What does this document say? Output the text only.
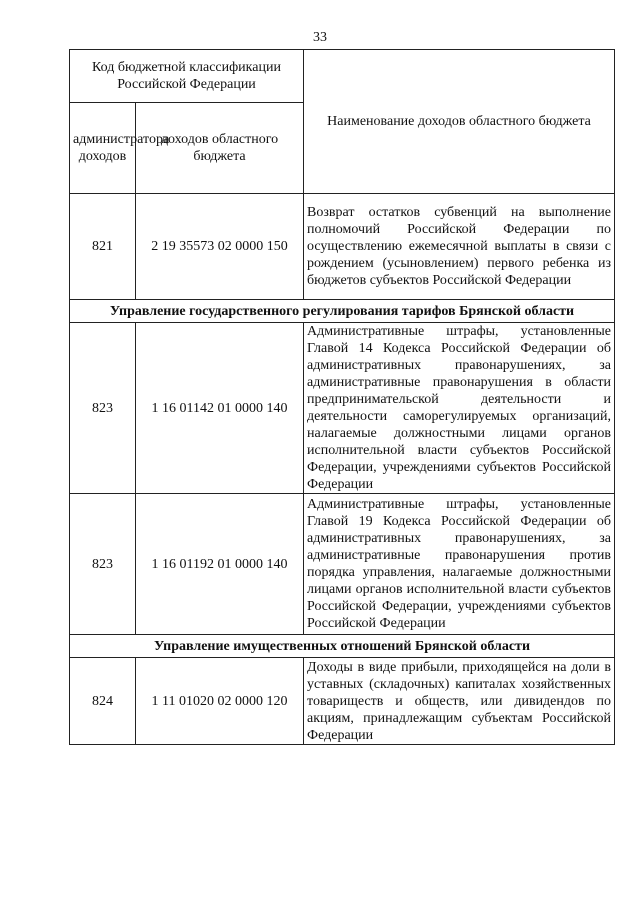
33
Код бюджетной классификации Российской Федерации		Наименование доходов областного бюджета
администратора доходов	доходов областного бюджета	
821	2 19 35573 02 0000 150	Возврат остатков субвенций на выполнение полномочий Российской Федерации по осуществлению ежемесячной выплаты в связи с рождением (усыновлением) первого ребенка из бюджетов субъектов Российской Федерации
Управление государственного регулирования тарифов Брянской области		
823	1 16 01142 01 0000 140	Административные штрафы, установленные Главой 14 Кодекса Российской Федерации об административных правонарушениях, за административные правонарушения в области предпринимательской деятельности и деятельности саморегулируемых организаций, налагаемые должностными лицами органов исполнительной власти субъектов Российской Федерации, учреждениями субъектов Российской Федерации
823	1 16 01192 01 0000 140	Административные штрафы, установленные Главой 19 Кодекса Российской Федерации об административных правонарушениях, за административные правонарушения против порядка управления, налагаемые должностными лицами органов исполнительной власти субъектов Российской Федерации, учреждениями субъектов Российской Федерации
Управление имущественных отношений Брянской области		
824	1 11 01020 02 0000 120	Доходы в виде прибыли, приходящейся на доли в уставных (складочных) капиталах хозяйственных товариществ и обществ, или дивидендов по акциям, принадлежащим субъектам Российской Федерации
